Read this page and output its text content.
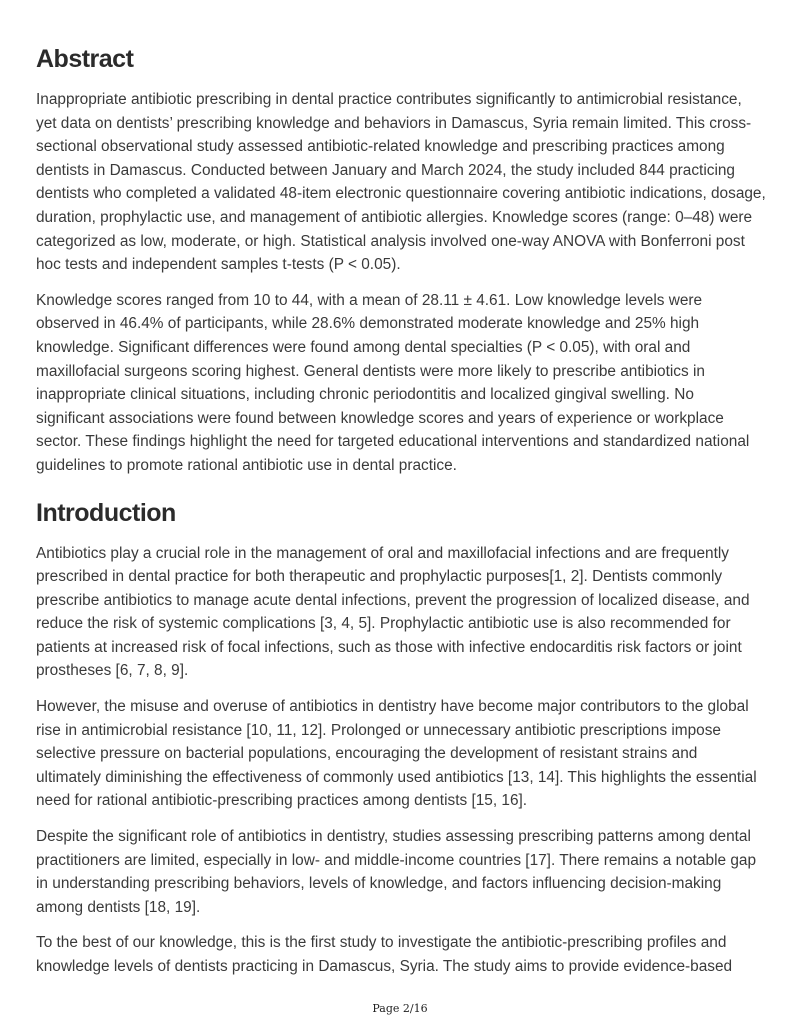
Abstract

Inappropriate antibiotic prescribing in dental practice contributes significantly to antimicrobial resistance, yet data on dentists’ prescribing knowledge and behaviors in Damascus, Syria remain limited. This cross-sectional observational study assessed antibiotic-related knowledge and prescribing practices among dentists in Damascus. Conducted between January and March 2024, the study included 844 practicing dentists who completed a validated 48-item electronic questionnaire covering antibiotic indications, dosage, duration, prophylactic use, and management of antibiotic allergies. Knowledge scores (range: 0–48) were categorized as low, moderate, or high. Statistical analysis involved one-way ANOVA with Bonferroni post hoc tests and independent samples t-tests (P < 0.05).

Knowledge scores ranged from 10 to 44, with a mean of 28.11 ± 4.61. Low knowledge levels were observed in 46.4% of participants, while 28.6% demonstrated moderate knowledge and 25% high knowledge. Significant differences were found among dental specialties (P < 0.05), with oral and maxillofacial surgeons scoring highest. General dentists were more likely to prescribe antibiotics in inappropriate clinical situations, including chronic periodontitis and localized gingival swelling. No significant associations were found between knowledge scores and years of experience or workplace sector. These findings highlight the need for targeted educational interventions and standardized national guidelines to promote rational antibiotic use in dental practice.

Introduction

Antibiotics play a crucial role in the management of oral and maxillofacial infections and are frequently prescribed in dental practice for both therapeutic and prophylactic purposes[1, 2]. Dentists commonly prescribe antibiotics to manage acute dental infections, prevent the progression of localized disease, and reduce the risk of systemic complications [3, 4, 5]. Prophylactic antibiotic use is also recommended for patients at increased risk of focal infections, such as those with infective endocarditis risk factors or joint prostheses [6, 7, 8, 9].

However, the misuse and overuse of antibiotics in dentistry have become major contributors to the global rise in antimicrobial resistance [10, 11, 12]. Prolonged or unnecessary antibiotic prescriptions impose selective pressure on bacterial populations, encouraging the development of resistant strains and ultimately diminishing the effectiveness of commonly used antibiotics [13, 14]. This highlights the essential need for rational antibiotic-prescribing practices among dentists [15, 16].

Despite the significant role of antibiotics in dentistry, studies assessing prescribing patterns among dental practitioners are limited, especially in low- and middle-income countries [17]. There remains a notable gap in understanding prescribing behaviors, levels of knowledge, and factors influencing decision-making among dentists [18, 19].

To the best of our knowledge, this is the first study to investigate the antibiotic-prescribing profiles and knowledge levels of dentists practicing in Damascus, Syria. The study aims to provide evidence-based

Page 2/16
